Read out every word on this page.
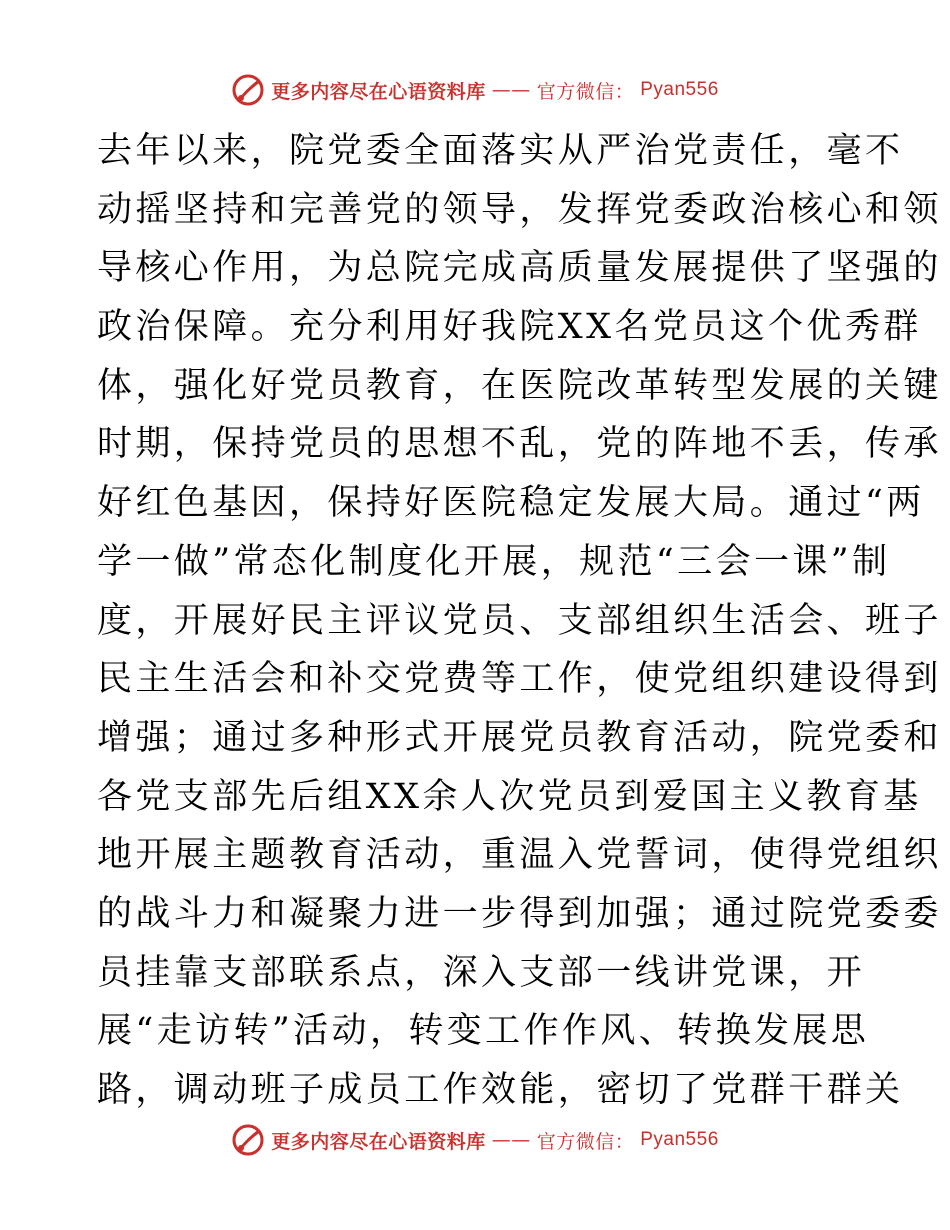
更多内容尽在心语资料库 —— 官方微信： Pyan556
去年以来，院党委全面落实从严治党责任，毫不
动摇坚持和完善党的领导，发挥党委政治核心和领
导核心作用，为总院完成高质量发展提供了坚强的
政治保障。充分利用好我院XX名党员这个优秀群
体，强化好党员教育，在医院改革转型发展的关键
时期，保持党员的思想不乱，党的阵地不丢，传承
好红色基因，保持好医院稳定发展大局。通过“两
学一做”常态化制度化开展，规范“三会一课”制
度，开展好民主评议党员、支部组织生活会、班子
民主生活会和补交党费等工作，使党组织建设得到
增强；通过多种形式开展党员教育活动，院党委和
各党支部先后组XX余人次党员到爱国主义教育基
地开展主题教育活动，重温入党誓词，使得党组织
的战斗力和凝聚力进一步得到加强；通过院党委委
员挂靠支部联系点，深入支部一线讲党课，开
展“走访转”活动，转变工作作风、转换发展思
路，调动班子成员工作效能，密切了党群干群关
更多内容尽在心语资料库 —— 官方微信： Pyan556
